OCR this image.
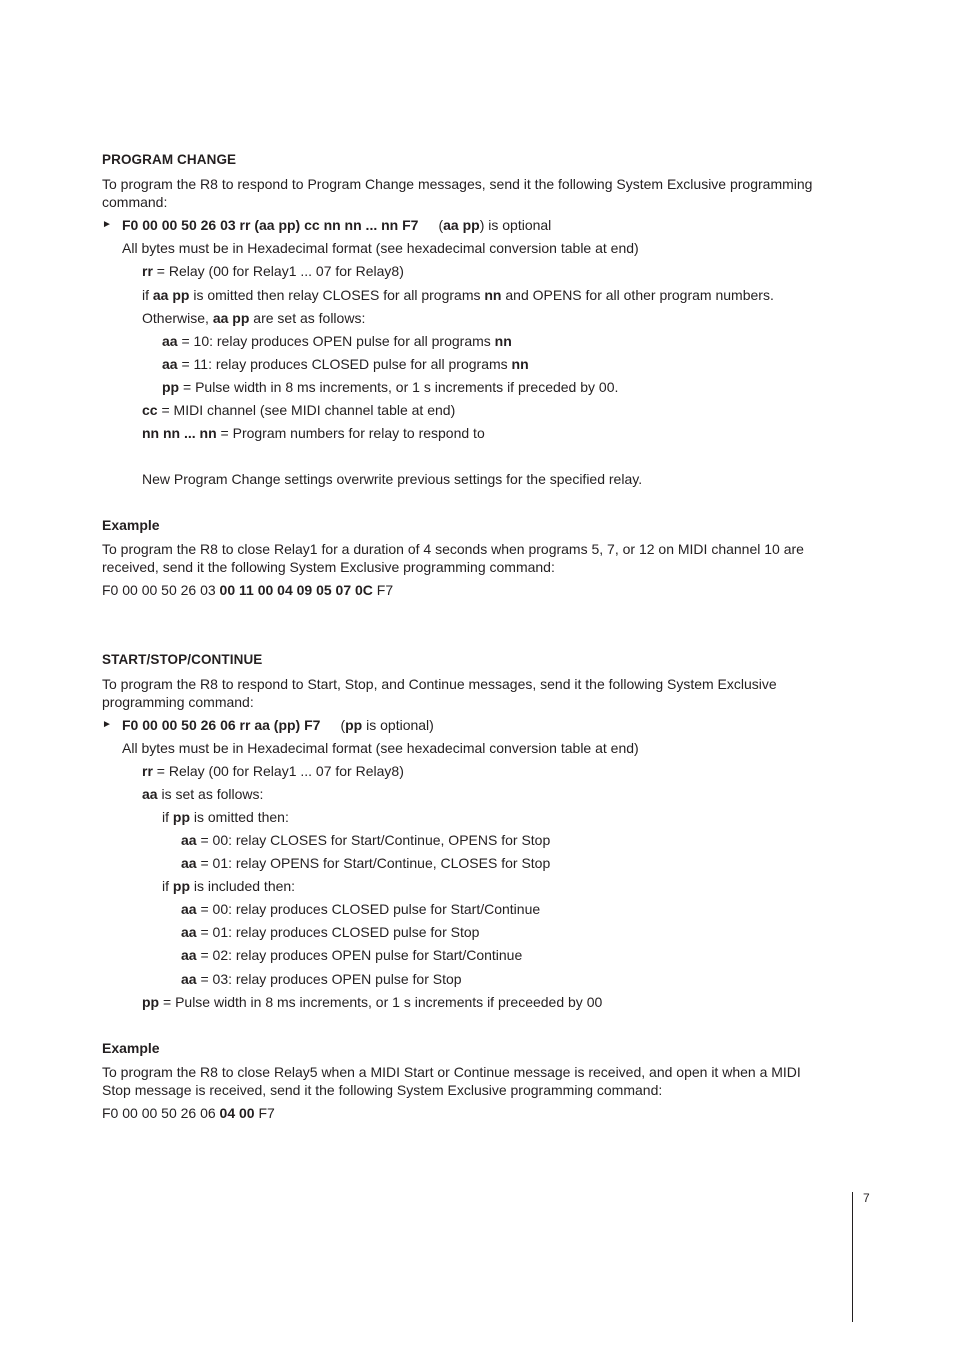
PROGRAM CHANGE
To program the R8 to respond to Program Change messages, send it the following System Exclusive programming
command:
► F0 00 00 50 26 03 rr (aa pp) cc nn nn ... nn F7 (aa pp) is optional
All bytes must be in Hexadecimal format (see hexadecimal conversion table at end)
rr = Relay (00 for Relay1 ... 07 for Relay8)
if aa pp is omitted then relay CLOSES for all programs nn and OPENS for all other program numbers.
Otherwise, aa pp are set as follows:
aa = 10: relay produces OPEN pulse for all programs nn
aa = 11: relay produces CLOSED pulse for all programs nn
pp = Pulse width in 8 ms increments, or 1 s increments if preceded by 00.
cc = MIDI channel (see MIDI channel table at end)
nn nn ... nn = Program numbers for relay to respond to
New Program Change settings overwrite previous settings for the specified relay.
Example
To program the R8 to close Relay1 for a duration of 4 seconds when programs 5, 7, or 12 on MIDI channel 10 are
received, send it the following System Exclusive programming command:
F0 00 00 50 26 03 00 11 00 04 09 05 07 0C F7
START/STOP/CONTINUE
To program the R8 to respond to Start, Stop, and Continue messages, send it the following System Exclusive
programming command:
► F0 00 00 50 26 06 rr aa (pp) F7 (pp is optional)
All bytes must be in Hexadecimal format (see hexadecimal conversion table at end)
rr = Relay (00 for Relay1 ... 07 for Relay8)
aa is set as follows:
if pp is omitted then:
aa = 00: relay CLOSES for Start/Continue, OPENS for Stop
aa = 01: relay OPENS for Start/Continue, CLOSES for Stop
if pp is included then:
aa = 00: relay produces CLOSED pulse for Start/Continue
aa = 01: relay produces CLOSED pulse for Stop
aa = 02: relay produces OPEN pulse for Start/Continue
aa = 03: relay produces OPEN pulse for Stop
pp = Pulse width in 8 ms increments, or 1 s increments if preceeded by 00
Example
To program the R8 to close Relay5 when a MIDI Start or Continue message is received, and open it when a MIDI
Stop message is received, send it the following System Exclusive programming command:
F0 00 00 50 26 06 04 00 F7
7
